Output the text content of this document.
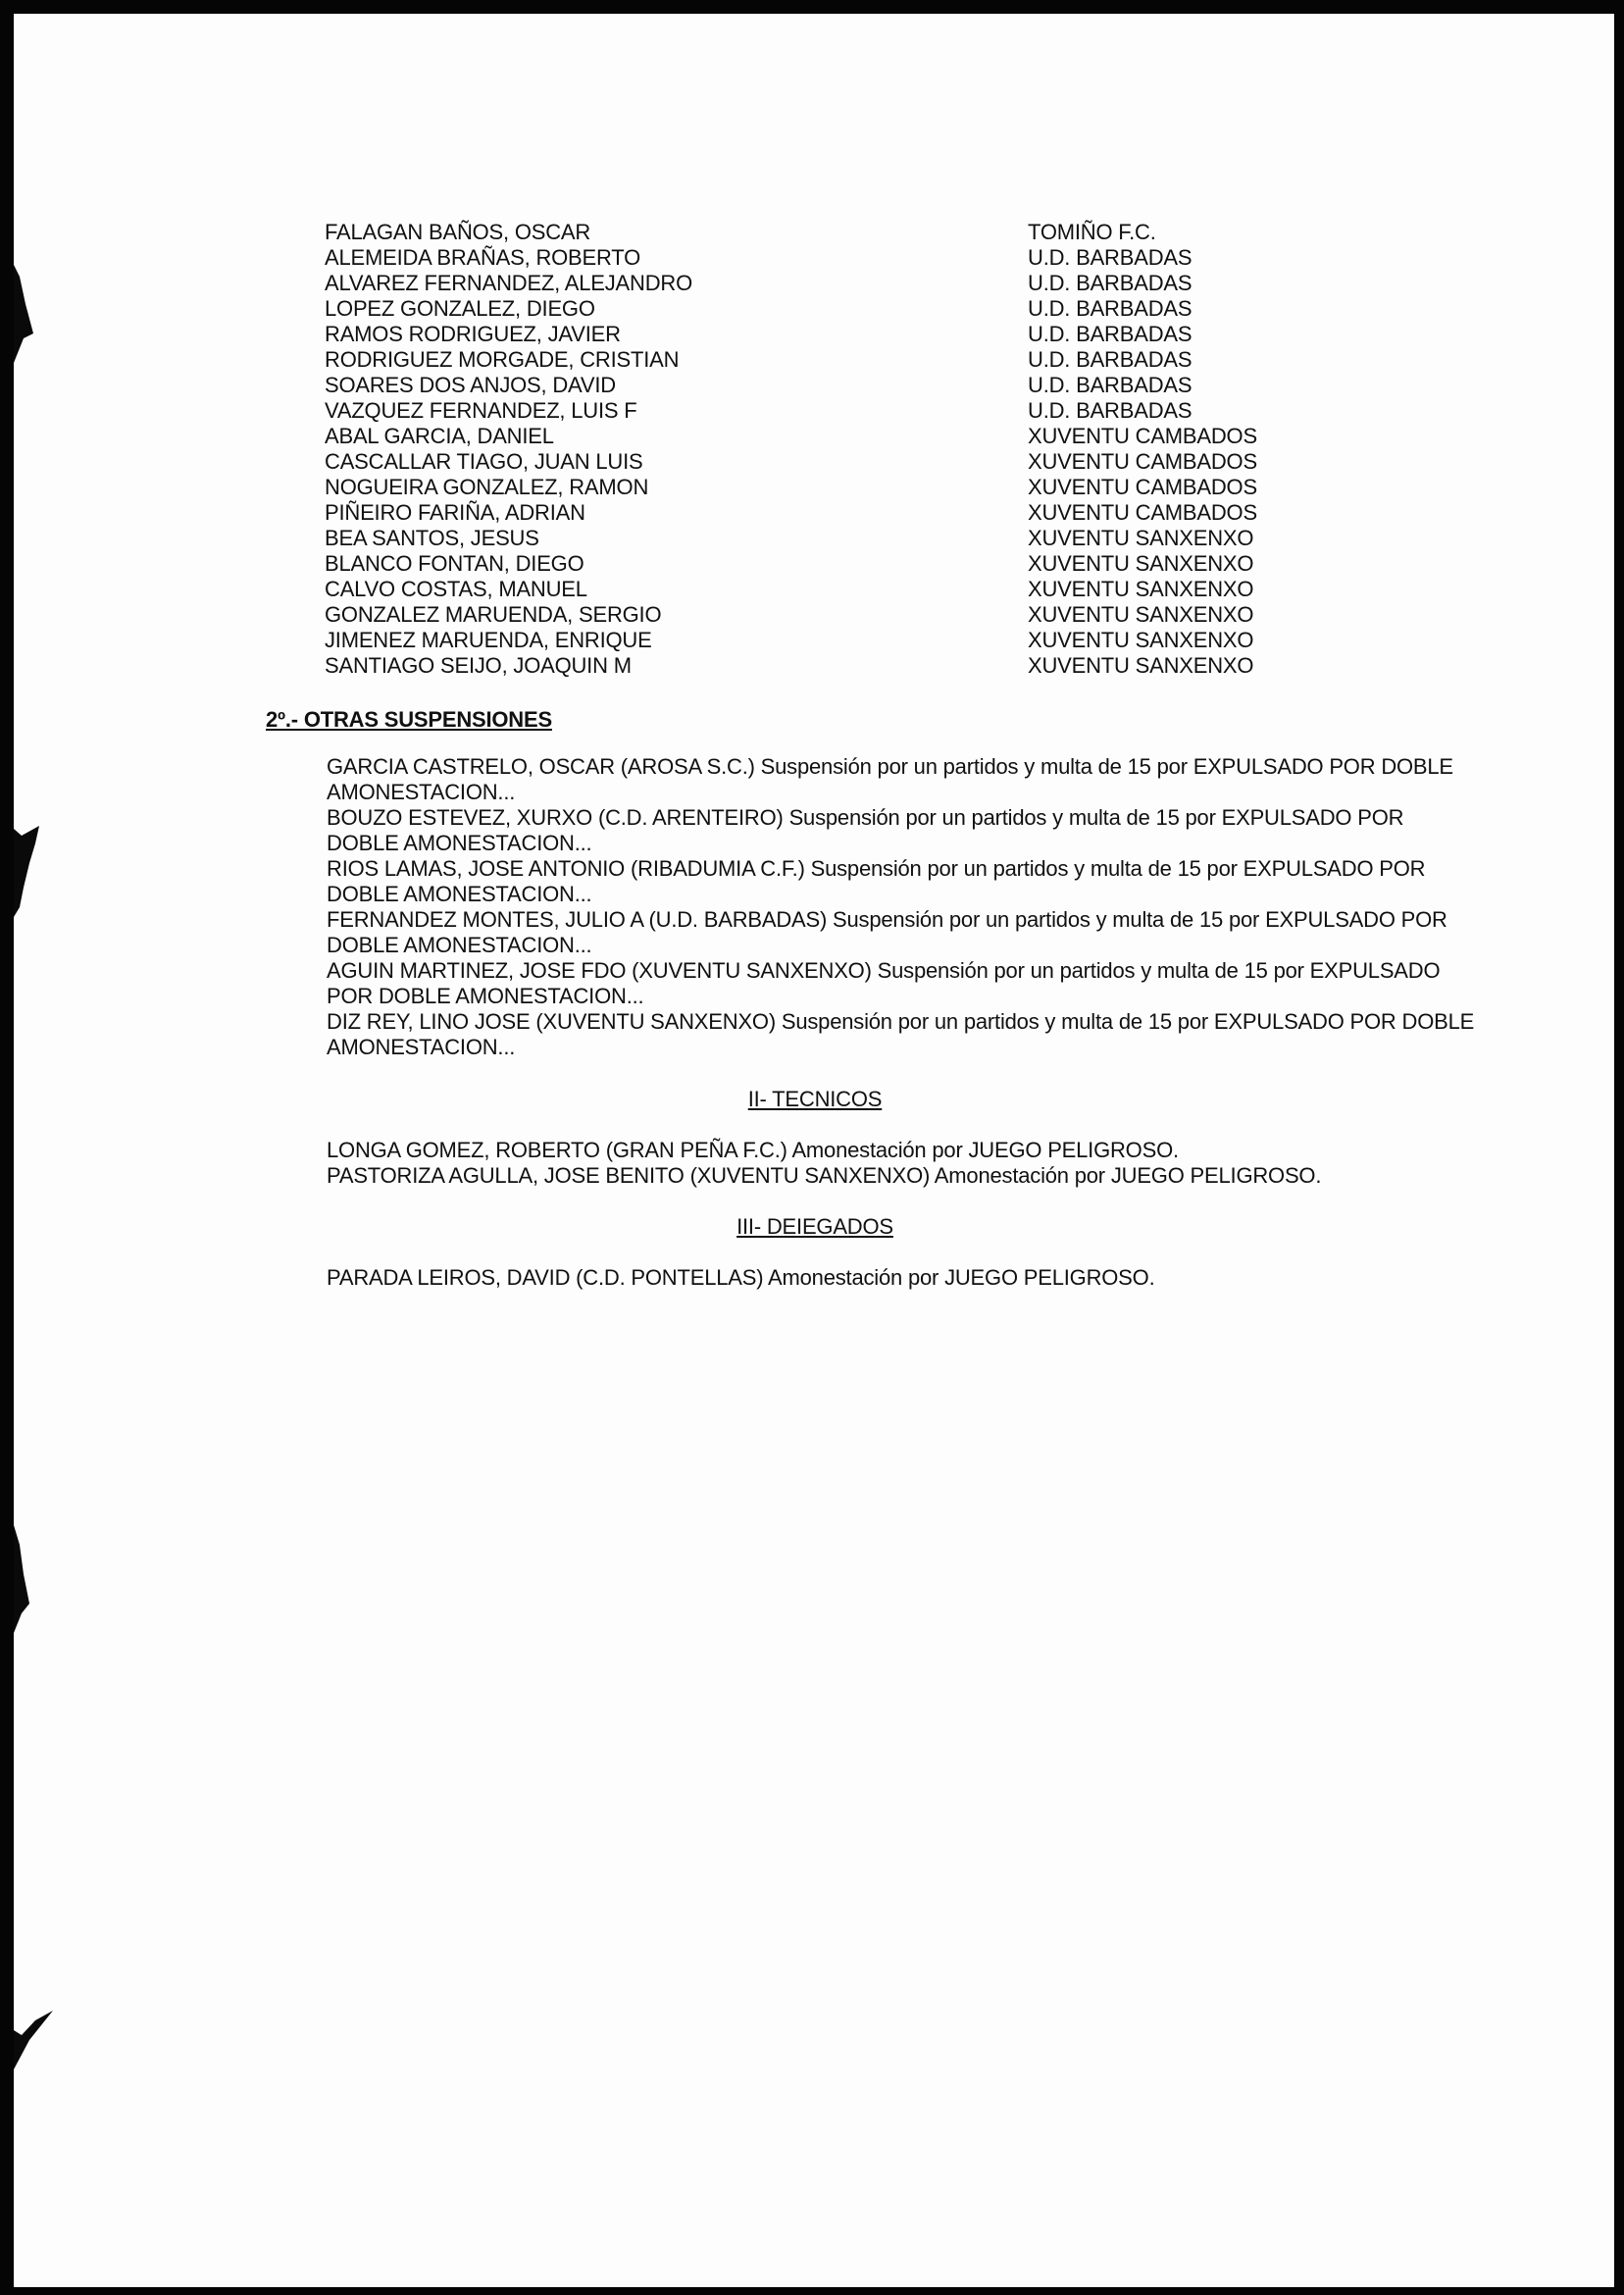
FALAGAN BAÑOS, OSCAR	TOMIÑO F.C.
ALEMEIDA BRAÑAS, ROBERTO	U.D. BARBADAS
ALVAREZ FERNANDEZ, ALEJANDRO	U.D. BARBADAS
LOPEZ GONZALEZ, DIEGO	U.D. BARBADAS
RAMOS RODRIGUEZ, JAVIER	U.D. BARBADAS
RODRIGUEZ MORGADE, CRISTIAN	U.D. BARBADAS
SOARES DOS ANJOS, DAVID	U.D. BARBADAS
VAZQUEZ FERNANDEZ, LUIS F	U.D. BARBADAS
ABAL GARCIA, DANIEL	XUVENTU CAMBADOS
CASCALLAR TIAGO, JUAN LUIS	XUVENTU CAMBADOS
NOGUEIRA GONZALEZ, RAMON	XUVENTU CAMBADOS
PIÑEIRO FARIÑA, ADRIAN	XUVENTU CAMBADOS
BEA SANTOS, JESUS	XUVENTU SANXENXO
BLANCO FONTAN, DIEGO	XUVENTU SANXENXO
CALVO COSTAS, MANUEL	XUVENTU SANXENXO
GONZALEZ MARUENDA, SERGIO	XUVENTU SANXENXO
JIMENEZ MARUENDA, ENRIQUE	XUVENTU SANXENXO
SANTIAGO SEIJO, JOAQUIN M	XUVENTU SANXENXO
2º.- OTRAS SUSPENSIONES
GARCIA CASTRELO, OSCAR (AROSA S.C.) Suspensión por un partidos y multa de 15 por EXPULSADO POR DOBLE
AMONESTACION...
BOUZO ESTEVEZ, XURXO (C.D. ARENTEIRO) Suspensión por un partidos y multa de 15 por EXPULSADO POR
DOBLE AMONESTACION...
RIOS LAMAS, JOSE ANTONIO (RIBADUMIA C.F.) Suspensión por un partidos y multa de 15 por EXPULSADO POR
DOBLE AMONESTACION...
FERNANDEZ MONTES, JULIO A (U.D. BARBADAS) Suspensión por un partidos y multa de 15 por EXPULSADO POR
DOBLE AMONESTACION...
AGUIN MARTINEZ, JOSE FDO (XUVENTU SANXENXO) Suspensión por un partidos y multa de 15 por EXPULSADO
POR DOBLE AMONESTACION...
DIZ REY, LINO JOSE (XUVENTU SANXENXO) Suspensión por un partidos y multa de 15 por EXPULSADO POR DOBLE
AMONESTACION...
II- TECNICOS
LONGA GOMEZ, ROBERTO (GRAN PEÑA F.C.) Amonestación por JUEGO PELIGROSO.
PASTORIZA AGULLA, JOSE BENITO (XUVENTU SANXENXO) Amonestación por JUEGO PELIGROSO.
III- DEIEGADOS
PARADA LEIROS, DAVID (C.D. PONTELLAS) Amonestación por JUEGO PELIGROSO.
